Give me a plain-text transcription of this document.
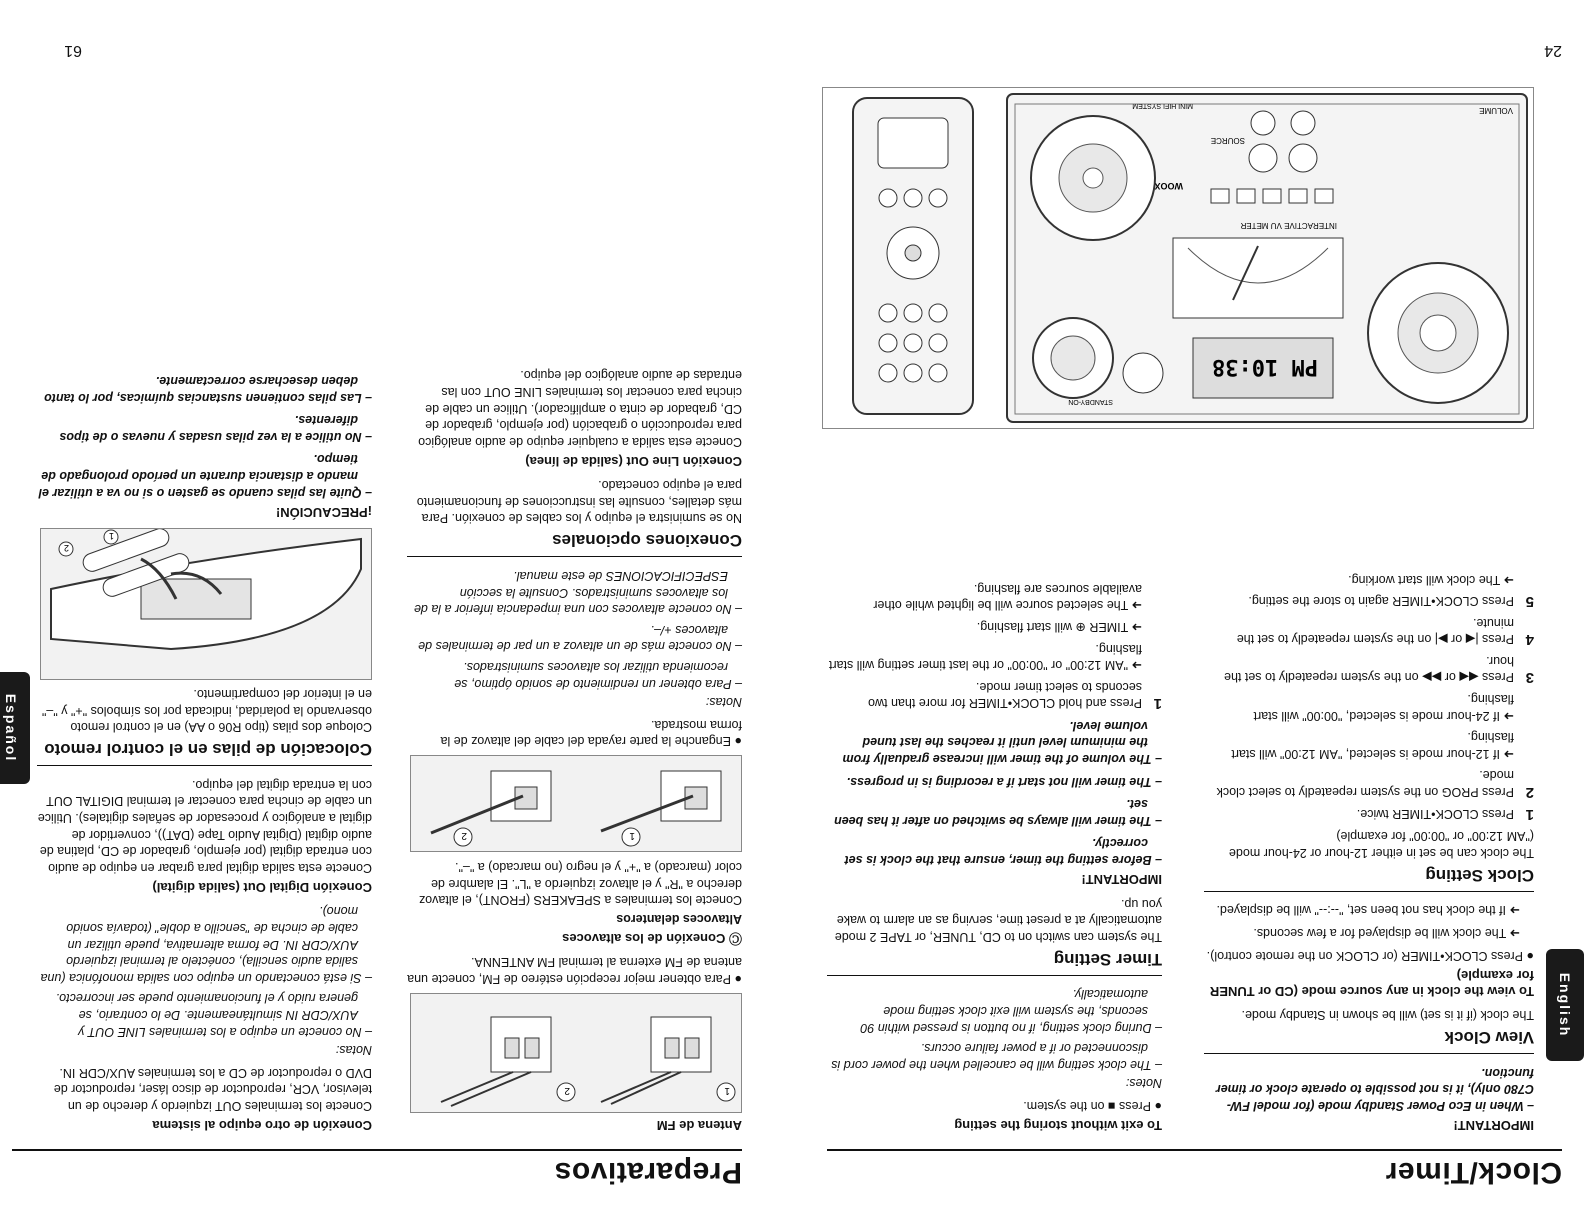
Clock/Timer
English
24
IMPORTANT!

– When in Eco Power Standby mode (for model FW-C780 only), it is not possible to operate clock or timer function.

View Clock

The clock (if it is set) will be shown in Standby mode.

To view the clock in any source mode (CD or TUNER for example)

● Press CLOCK•TIMER (or CLOCK on the remote control).

➜ The clock will be displayed for a few seconds.

➜ If the clock has not been set, "--:--" will be displayed.

Clock Setting

The clock can be set in either 12-hour or 24-hour mode ("AM 12:00" or "00:00" for example)

1
Press CLOCK•TIMER twice.
2
Press PROG on the system repeatedly to select clock mode.
➜ If 12-hour mode is selected, "AM 12:00" will start flashing.
➜ If 24-hour mode is selected, "00:00" will start flashing.
3
Press ◀◀ or ▶▶ on the system repeatedly to set the hour.
4
Press |◀ or ▶| on the system repeatedly to set the minute.
5
Press CLOCK•TIMER again to store the setting.
➜ The clock will start working.
To exit without storing the setting

● Press ■ on the system.

Notes:

– The clock setting will be cancelled when the power cord is disconnected or if a power failure occurs.

– During clock setting, if no button is pressed within 90 seconds, the system will exit clock setting mode automatically.

Timer Setting

The system can switch on to CD, TUNER, or TAPE 2 mode automatically at a preset time, serving as an alarm to wake you up.

IMPORTANT!

– Before setting the timer, ensure that the clock is set correctly.

– The timer will always be switched on after it has been set.

– The timer will not start if a recording is in progress.

– The volume of the timer will increase gradually from the minimum level until it reaches the last tuned volume level.

1
Press and hold CLOCK•TIMER for more than two seconds to select timer mode.
➜ "AM 12:00" or "00:00" or the last timer setting will start flashing.
➜ TIMER ⊕ will start flashing.
➜ The selected source will be lighted while other available sources are flashing.
PM 10:38
INTERACTIVE VU METER
SOURCE
WOOX
VOLUME
STANDBY-ON
MINI HIFI SYSTEM
Preparativos
Español
61
Antena de FM
1
2

● Para obtener mejor recepción estéreo de FM, conecte una antena de FM externa al terminal FM ANTENNA.

Ⓒ Conexión de los altavoces

Altavoces delanteros

Conecte los terminales a SPEAKERS (FRONT), el altavoz derecho a "R" y el altavoz izquierdo a "L". El alambre de color (marcado) a "+" y el negro (no marcado) a "–".

1
2

● Enganche la parte rayada del cable del altavoz de la forma mostrada.

Notas:

– Para obtener un rendimiento de sonido óptimo, se recomienda utilizar los altavoces suministrados.

– No conecte más de un altavoz a un par de terminales de altavoces +/–.

– No conecte altavoces con una impedancia inferior a la de los altavoces suministrados. Consulte la sección ESPECIFICACIONES de este manual.

Conexiones opcionales

No se suministra el equipo y los cables de conexión. Para más detalles, consulte las instrucciones de funcionamiento para el equipo conectado.

Conexión Line Out (salida de línea)

Conecte esta salida a cualquier equipo de audio analógico para reproducción o grabación (por ejemplo, grabador de CD, grabador de cinta o amplificador). Utilice un cable de cincha para conectar los terminales LINE OUT con las entradas de audio analógico del equipo.

Conexión de otro equipo al sistema

Conecte los terminales OUT izquierdo y derecho de un televisor, VCR, reproductor de disco láser, reproductor de DVD o reproductor de CD a los terminales AUX/CDR IN.

Notas:

– No conecte un equipo a los terminales LINE OUT y AUX/CDR IN simultáneamente. De lo contrario, se genera ruido y el funcionamiento puede ser incorrecto.

– Si está conectando un equipo con salida monofónica (una salida audio sencilla), conéctelo al terminal izquierdo AUX/CDR IN. De forma alternativa, puede utilizar un cable de cincha de "sencillo a doble" (todavía sonido mono).

Conexión Digital Out (salida digital)

Conecte esta salida digital para grabar en equipo de audio con entrada digital (por ejemplo, grabador de CD, platina de audio digital (Digital Audio Tape (DAT)), convertidor de digital a analógico y procesador de señales digitales). Utilice un cable de cincha para conectar el terminal DIGITAL OUT con la entrada digital del equipo.

Colocación de pilas en el control remoto

Coloque dos pilas (tipo R06 o AA) en el control remoto observando la polaridad, indicada por los símbolos "+" y "–" en el interior del compartimento.

1
2
¡PRECAUCIÓN!

– Quite las pilas cuando se gasten o si no va a utilizar el mando a distancia durante un período prolongado de tiempo.

– No utilice a la vez pilas usadas y nuevas o de tipos diferentes.

– Las pilas contienen sustancias químicas, por lo tanto deben desecharse correctamente.
